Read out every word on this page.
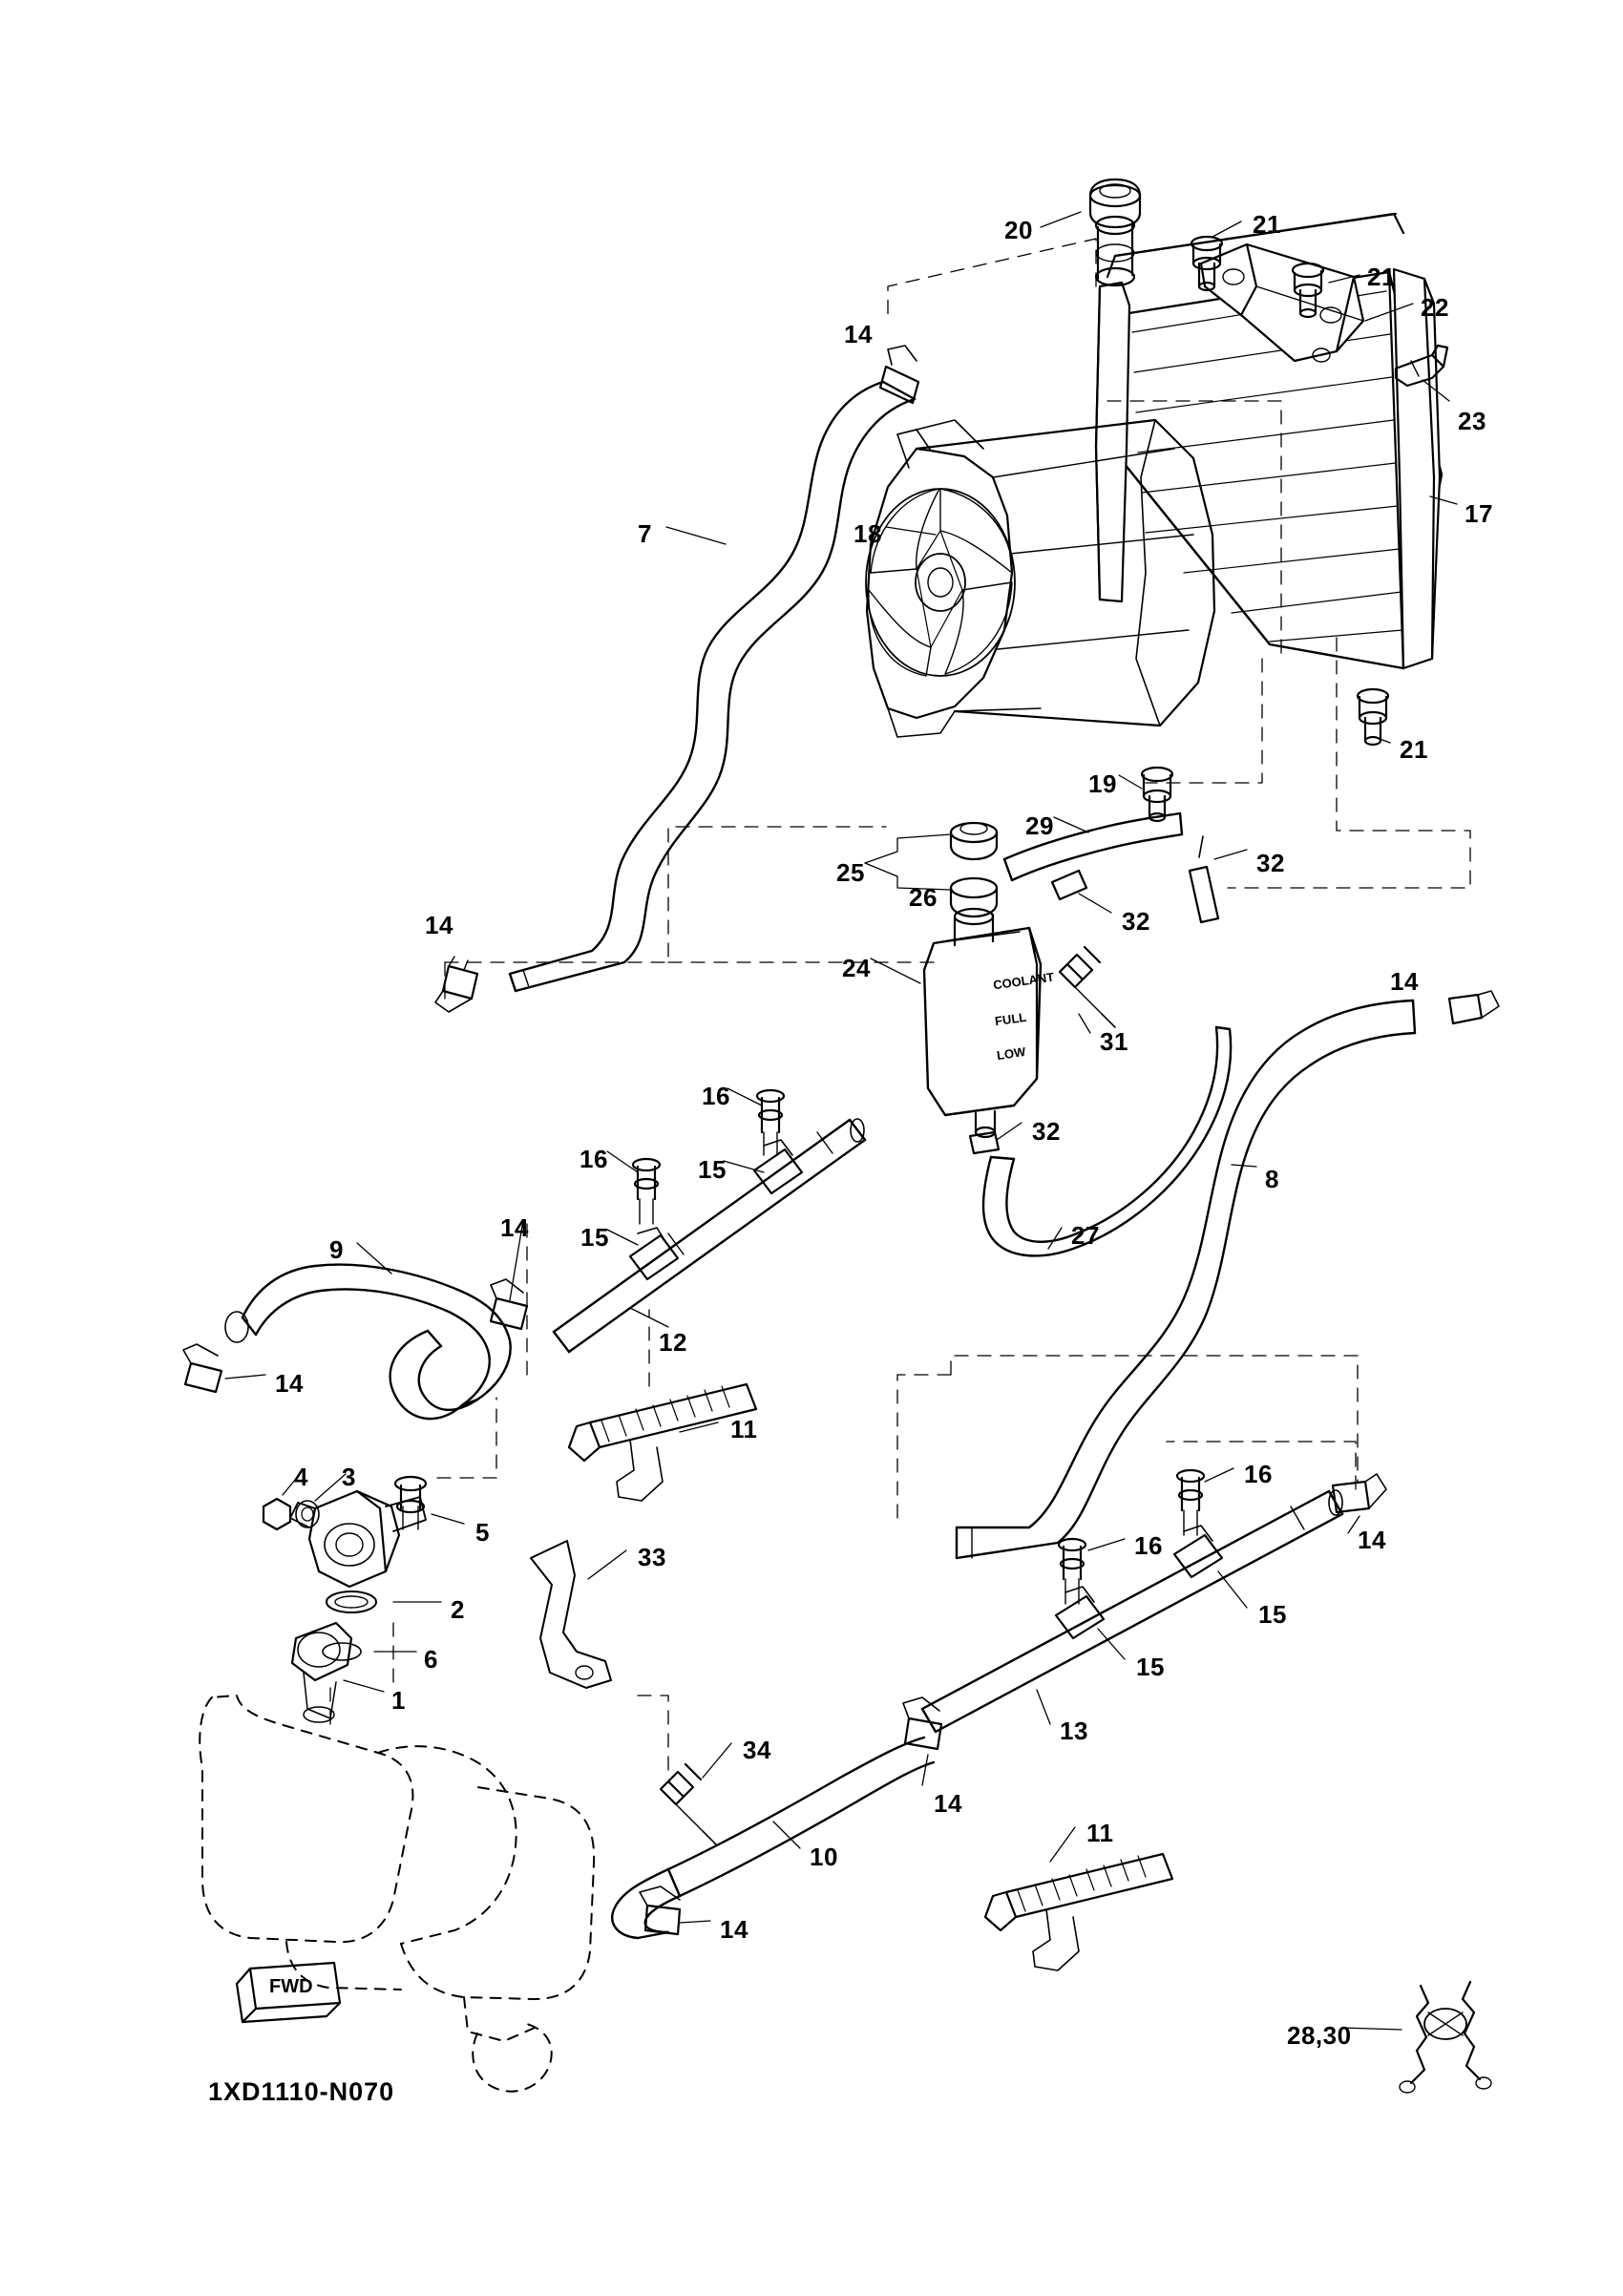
20	21
21
22
23
14
17
7	18
21
19
29
32
25
26
32
14
24	14
31
16
32
8
16	15
27
9
14 15
12
14
11
4 3	16
5	16
33
2
14
15
6	15
1
34
13
14
10
11
14
28,30
COOLANT
FULL
LOW
FWD
1XD1110-N070
